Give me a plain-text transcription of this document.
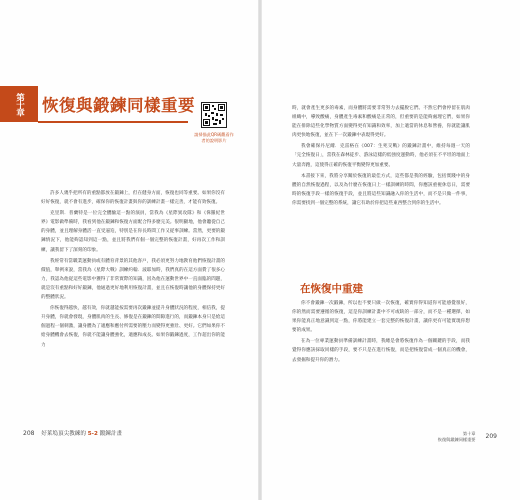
第十章	恢復與鍛鍊同樣重要
請掃描此QR碼觀看作者的說明影片

許多人幾乎把所有的重點都放在鍛鍊上，但在健身方面，恢復也同等重要。如果你沒有好好恢復，就不會有進步，確保你的恢復計畫與你的訓練計畫一樣完善，才能有效恢復。

克里斯．普蘭特是一位完全體驗這一點的演員，當我為《星際異攻隊》和《侏羅紀世界》電影做準備時，我看到他在鍛鍊和恢復方面配合得多麼完美。很明顯地，他會聽從自己的身體，並且理解身體活一直受逼迫，特別是在你長時間工作又從事訓練。當然，更要的鍛鍊情況下，他能夠認知到這一點，並且將我們有個一個完整的恢復計畫，好再次工作和訓練，讓我留下了深刻的印象。

我經常有當職業運動員或有體育背景的其他客戶，我必須更努力地教育他們恢復計畫的價值，舉例來說，當我為《星際大戰》訓練約翰．波耶加時，我們真的在這方面費了很多心力，我認為他從這些電影中獲得了非常實際的知識，因為他在運動世界中一直面臨的問題，就是沒有重點和好好鍛鍊，他通過更好地利用恢復計畫，並且在恢復時讓他的身體保持更好的整體狀況。

你恢復得越快，越有效，你就越能按需要再次鍛鍊並提升身體狀況的程度，相信我，提升身體，你就會發現，身體肌肉的生長、修復是在鍛鍊的間隙進行的，而鍛鍊本身只是給這個過程一個刺激，讓身體為了適應和應付所需要的壓力而變得更強壯、更好。它們如果你不給身體機會去恢復，你就不能讓身體強化，適應和成長。如果你鍛鍊過度，工作超出你的能力

208 好萊塢頂尖教練的 5-2 鍛鍊計畫

時，就會產生更多的毒素，而身體將需要非常努力去擺脫它們。不然它們會停留在肌肉組織中，導致酸痛，身體產生毒素和酸痛是正常的，但重要的是能夠處理它們，如果你能在排除這些化學物質方面變得更有知識和效率，加上適當的休息和營養，你就能讓肌肉更快地恢復，並在下一次鍛鍊中表現得更好。

我會確保丹尼爾．克雷格在《007：生死交戰》的鍛鍊計畫中，維持每週一天的「完全恢復日」，當我在森林徒步、游泳這樣的低強度運動時，他必須在不平坦的地面上大量奔跑，這使得正確的恢復平衡變得更加重要。

本書接下來，我將分享關於恢復的最佳方式，這些都是我的經驗，包括實踐中的身體的自然恢復過程，以及為什麼在恢復日上一樣訓練的時間，你應該重視休息日，需要時的恢復手段一樣的恢復手段，並且將這些知識融入你的生活中，而不是只做一件事，你需要找到一個完整的系統，讓它有助於你把這些東西整合到你的生活中。

在恢復中重建

你不會鍛鍊一次鍛鍊，所以也不要只做一次恢復，確實你得知道你可能感覺很好，你的然而需要遵循的恢復，這是你訓練計畫中不可或缺的一部分，而不是一種選擇，如果你能真正地意識到這一點，你將能建立一套完整的恢復計畫，讓你更有可能實現你想要的成果。

在為一位專業運動員準備訓練計畫時，我總是會將恢復作為一個關鍵的手段，而我覺得你應該採取同樣的手段，要不只是在進行恢復，而是把恢復當成一個真正的機會，去發掘和提升你的潛力。

第十章
恢復與鍛鍊同樣重要 209
